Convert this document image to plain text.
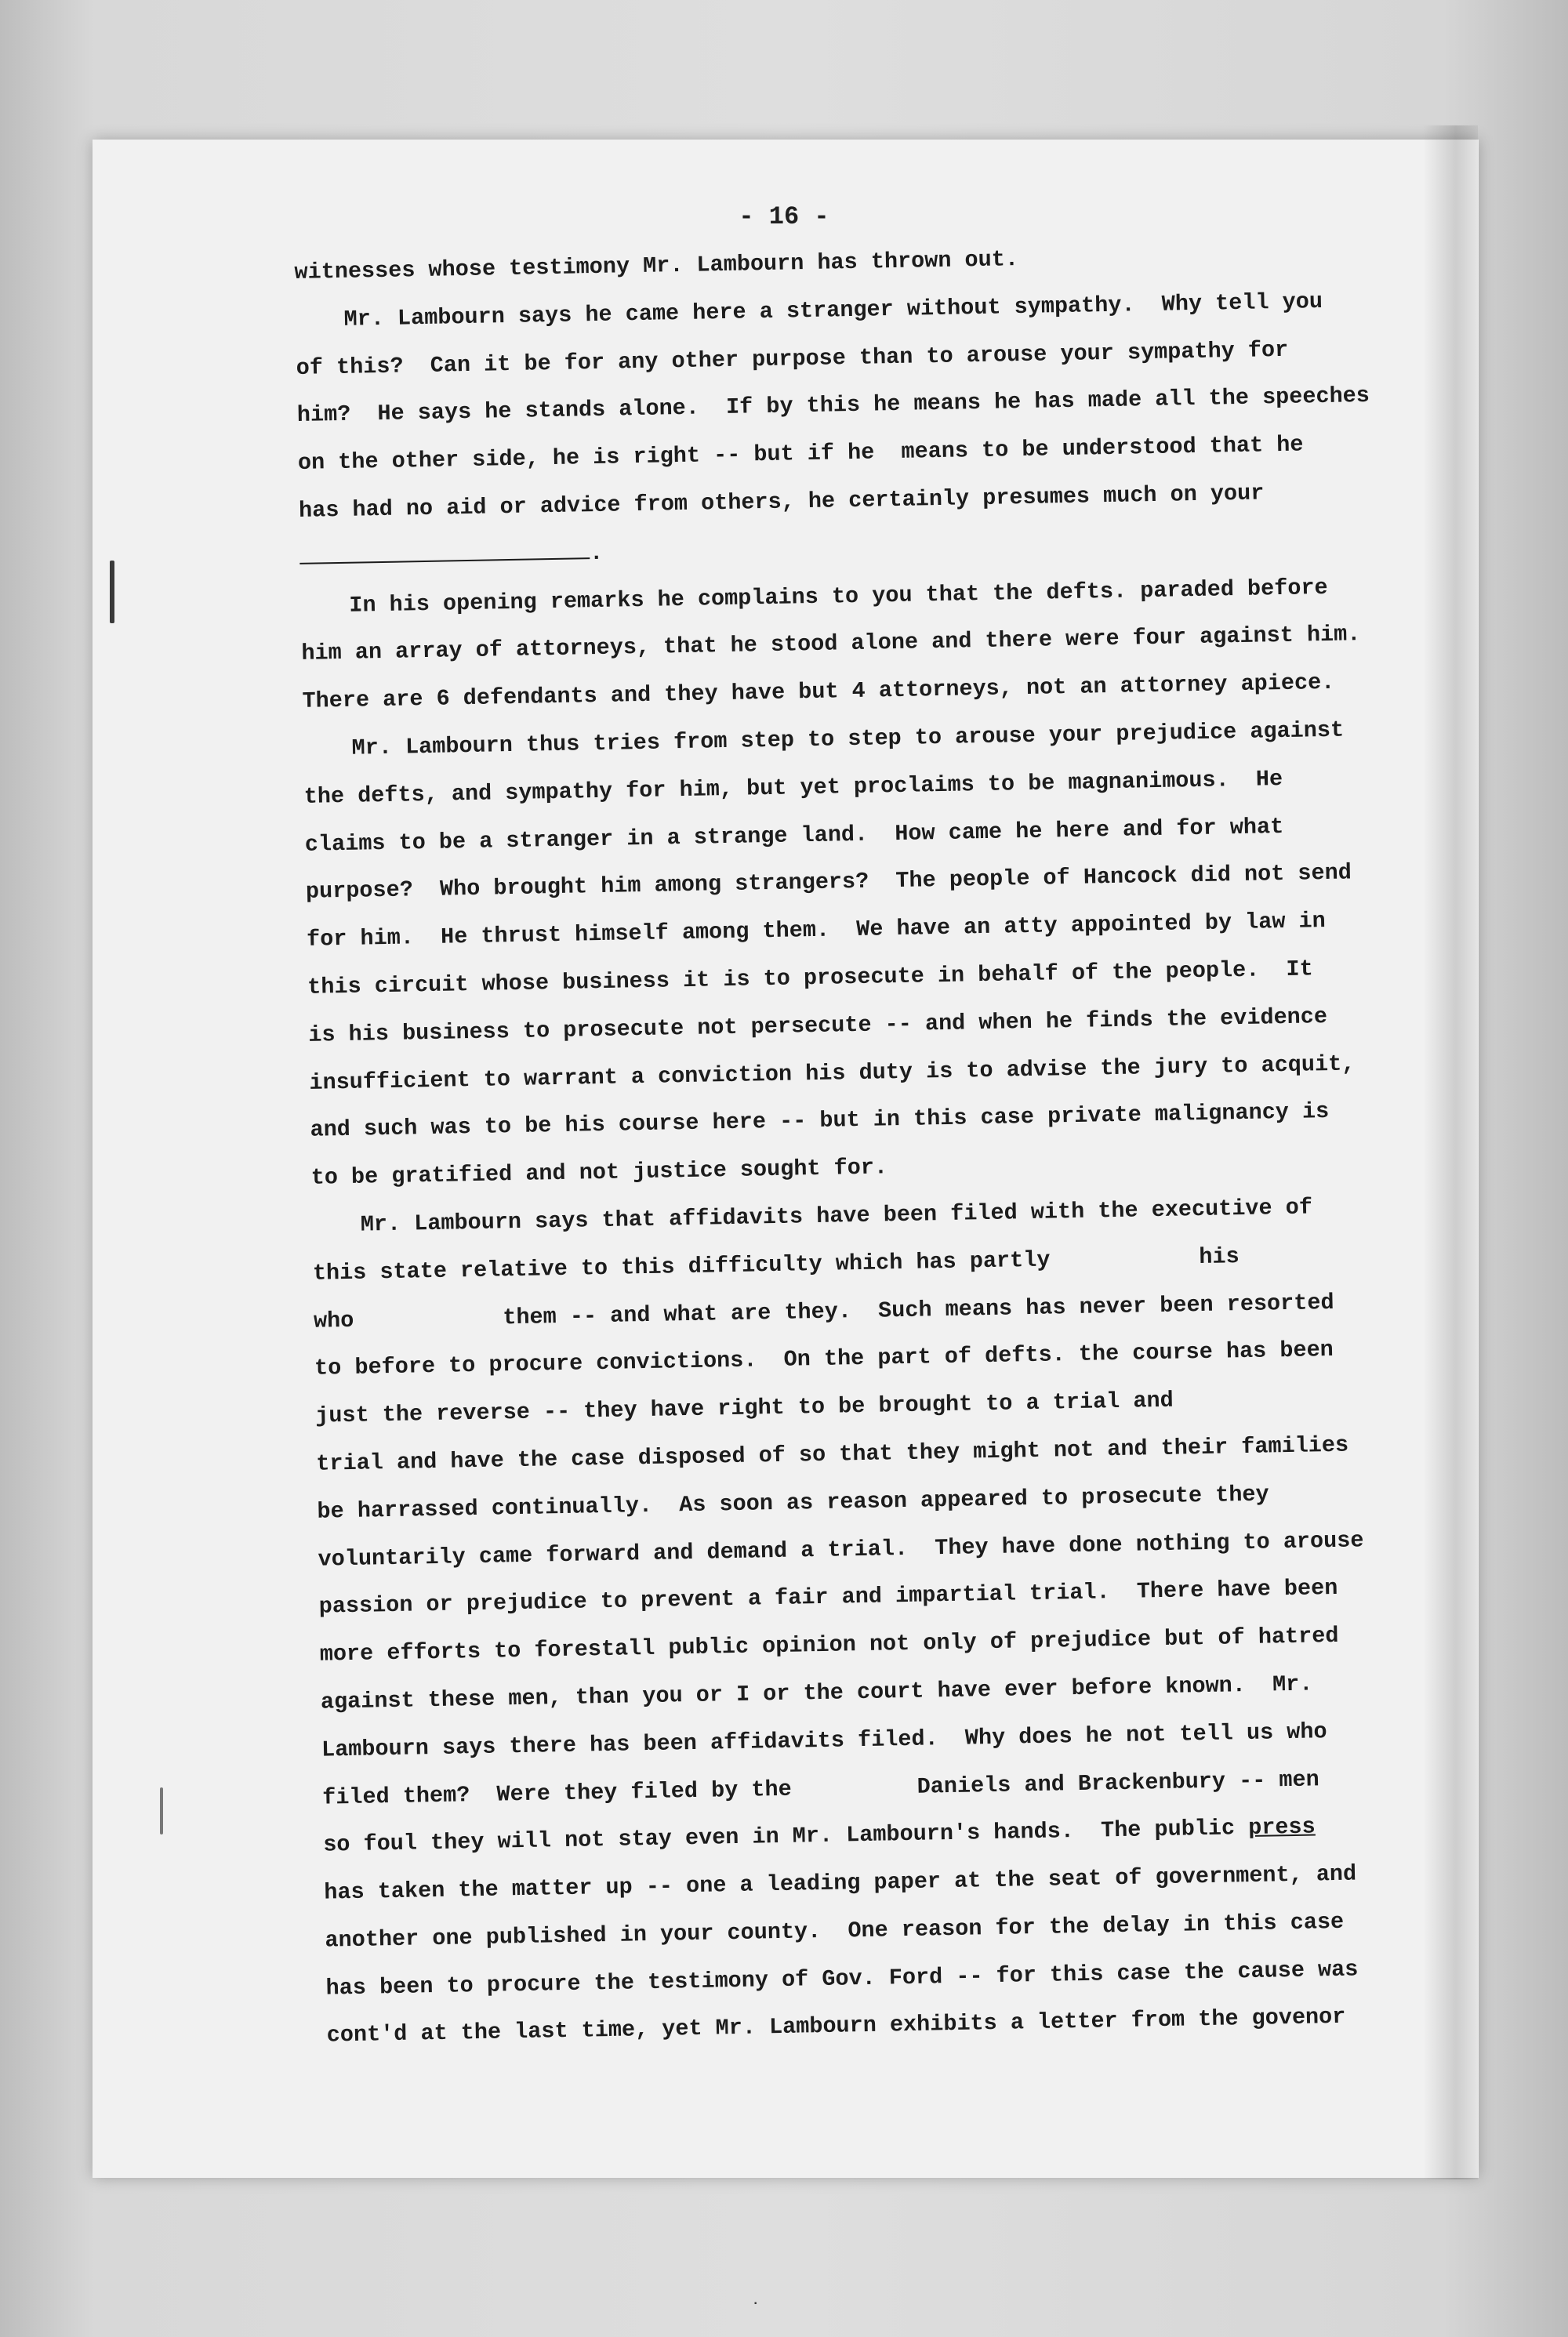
- 16 -
witnesses whose testimony Mr. Lambourn has thrown out.
Mr. Lambourn says he came here a stranger without sympathy.  Why tell you
of this?  Can it be for any other purpose than to arouse your sympathy for
him?  He says he stands alone.  If by this he means he has made all the speeches
on the other side, he is right -- but if he  means to be understood that he
has had no aid or advice from others, he certainly presumes much on your
.
In his opening remarks he complains to you that the defts. paraded before
him an array of attorneys, that he stood alone and there were four against him.
There are 6 defendants and they have but 4 attorneys, not an attorney apiece.
Mr. Lambourn thus tries from step to step to arouse your prejudice against
the defts, and sympathy for him, but yet proclaims to be magnanimous.  He
claims to be a stranger in a strange land.  How came he here and for what
purpose?  Who brought him among strangers?  The people of Hancock did not send
for him.  He thrust himself among them.  We have an atty appointed by law in
this circuit whose business it is to prosecute in behalf of the people.  It
is his business to prosecute not persecute -- and when he finds the evidence
insufficient to warrant a conviction his duty is to advise the jury to acquit,
and such was to be his course here -- but in this case private malignancy is
to be gratified and not justice sought for.
Mr. Lambourn says that affidavits have been filed with the executive of
this state relative to this difficulty which has partly	his
who	them -- and what are they.  Such means has never been resorted
to before to procure convictions.  On the part of defts. the course has been
just the reverse -- they have right to be brought to a trial and
trial and have the case disposed of so that they might not and their families
be harrassed continually.  As soon as reason appeared to prosecute they
voluntarily came forward and demand a trial.  They have done nothing to arouse
passion or prejudice to prevent a fair and impartial trial.  There have been
more efforts to forestall public opinion not only of prejudice but of hatred
against these men, than you or I or the court have ever before known.  Mr.
Lambourn says there has been affidavits filed.  Why does he not tell us who
filed them?  Were they filed by the	Daniels and Brackenbury -- men
so foul they will not stay even in Mr. Lambourn's hands.  The public press
has taken the matter up -- one a leading paper at the seat of government, and
another one published in your county.  One reason for the delay in this case
has been to procure the testimony of Gov. Ford -- for this case the cause was
cont'd at the last time, yet Mr. Lambourn exhibits a letter from the govenor
․
